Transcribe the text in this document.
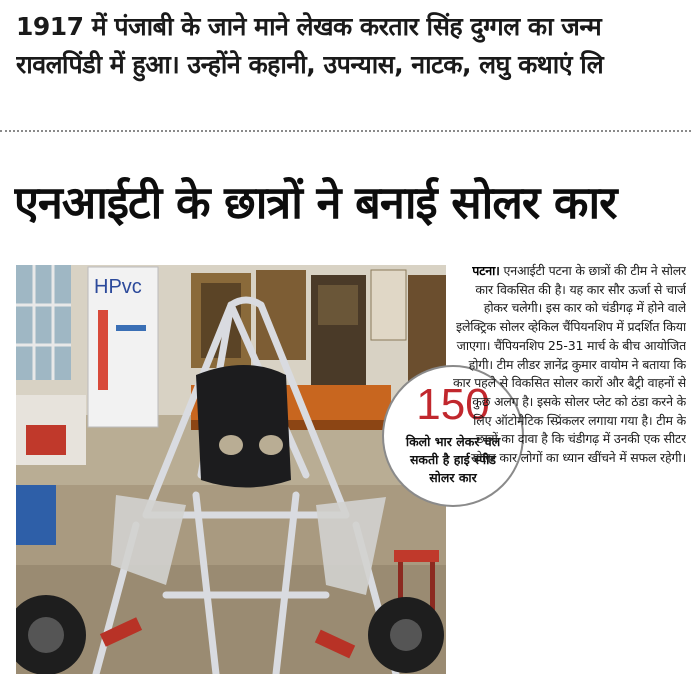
1917 में पंजाबी के जाने माने लेखक करतार सिंह दुग्गल का जन्म
रावलपिंडी में हुआ। उन्होंने कहानी, उपन्यास, नाटक, लघु कथाएं लि
एनआईटी के छात्रों ने बनाई सोलर कार
HPvc
150
किलो भार लेकर चल सकती है हाई स्पीड सोलर कार
पटना। एनआईटी पटना के छात्रों की टीम ने सोलर कार विकसित की है। यह कार सौर ऊर्जा से चार्ज होकर चलेगी। इस कार को चंडीगढ़ में होने वाले इलेक्ट्रिक सोलर व्हेकिल चैंपियनशिप में प्रदर्शित किया जाएगा। चैंपियनशिप 25-31 मार्च के बीच आयोजित होगी। टीम लीडर ज्ञानेंद्र कुमार वायोम ने बताया कि कार पहले से विकसित सोलर कारों और बैट्री वाहनों से कुछ अलग है। इसके सोलर प्लेट को ठंडा करने के लिए ऑटोमैटिक स्प्रिंकलर लगाया गया है। टीम के छात्रों का दावा है कि चंडीगढ़ में उनकी एक सीटर सोलर कार लोगों का ध्यान खींचने में सफल रहेगी।
